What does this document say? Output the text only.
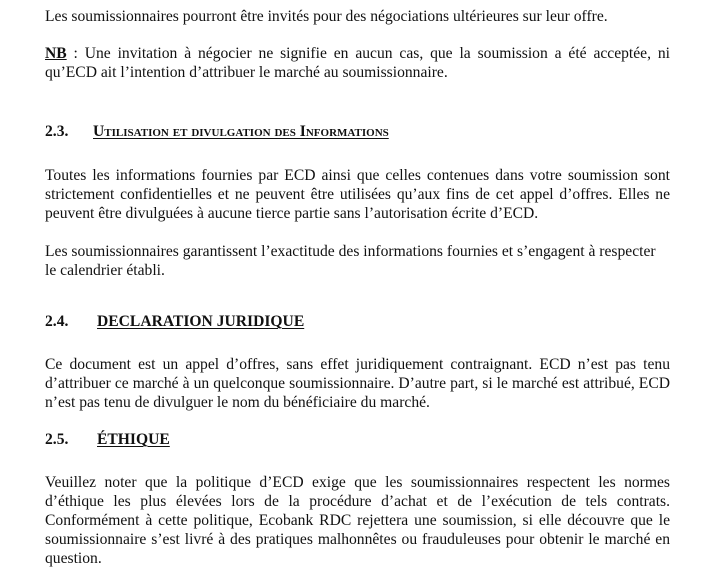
Les soumissionnaires pourront être invités pour des négociations ultérieures sur leur offre.

NB : Une invitation à négocier ne signifie en aucun cas, que la soumission a été acceptée, ni qu’ECD ait l’intention d’attribuer le marché au soumissionnaire.

2.3. Utilisation et divulgation des Informations

Toutes les informations fournies par ECD ainsi que celles contenues dans votre soumission sont strictement confidentielles et ne peuvent être utilisées qu’aux fins de cet appel d’offres. Elles ne peuvent être divulguées à aucune tierce partie sans l’autorisation écrite d’ECD.

Les soumissionnaires garantissent l’exactitude des informations fournies et s’engagent à respecter le calendrier établi.

2.4. DECLARATION JURIDIQUE

Ce document est un appel d’offres, sans effet juridiquement contraignant. ECD n’est pas tenu d’attribuer ce marché à un quelconque soumissionnaire. D’autre part, si le marché est attribué, ECD n’est pas tenu de divulguer le nom du bénéficiaire du marché.

2.5. ÉTHIQUE

Veuillez noter que la politique d’ECD exige que les soumissionnaires respectent les normes d’éthique les plus élevées lors de la procédure d’achat et de l’exécution de tels contrats. Conformément à cette politique, Ecobank RDC rejettera une soumission, si elle découvre que le soumissionnaire s’est livré à des pratiques malhonnêtes ou frauduleuses pour obtenir le marché en question.
